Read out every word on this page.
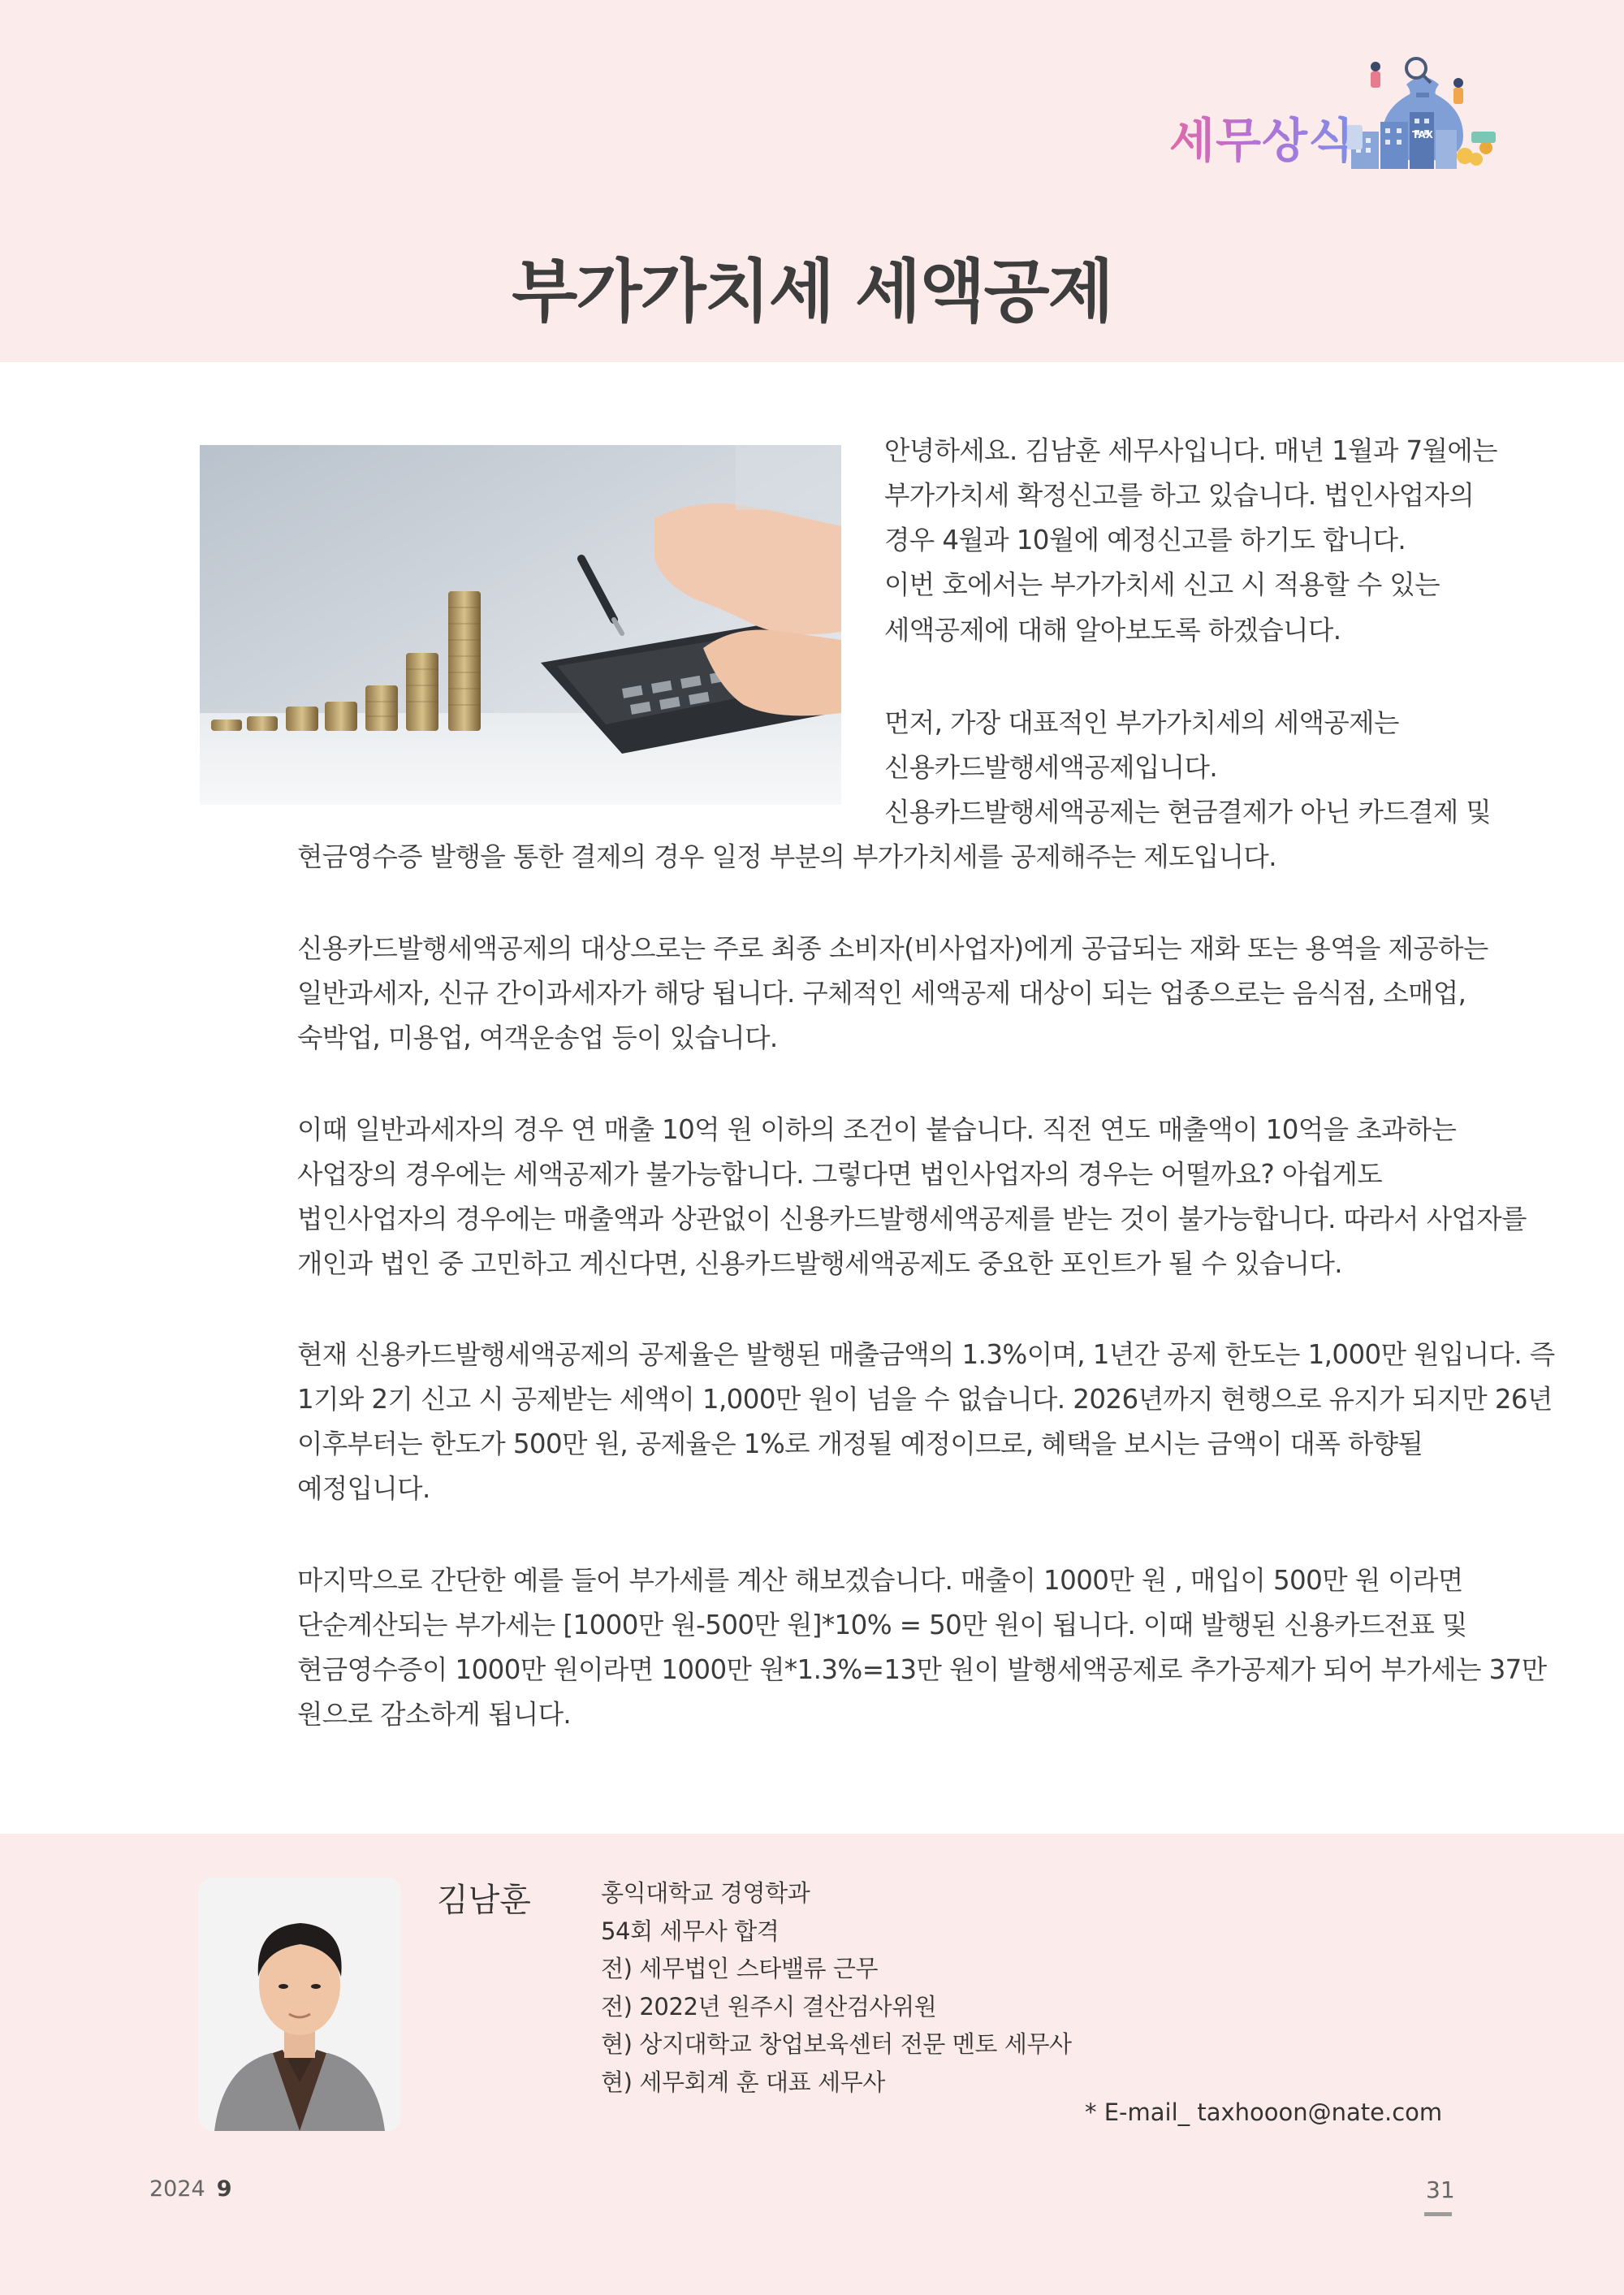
세무상식	TAX
부가가치세 세액공제
안녕하세요. 김남훈 세무사입니다. 매년 1월과 7월에는
부가가치세 확정신고를 하고 있습니다. 법인사업자의
경우 4월과 10월에 예정신고를 하기도 합니다.
이번 호에서는 부가가치세 신고 시 적용할 수 있는
세액공제에 대해 알아보도록 하겠습니다.
먼저, 가장 대표적인 부가가치세의 세액공제는
신용카드발행세액공제입니다.
신용카드발행세액공제는 현금결제가 아닌 카드결제 및
현금영수증 발행을 통한 결제의 경우 일정 부분의 부가가치세를 공제해주는 제도입니다.
신용카드발행세액공제의 대상으로는 주로 최종 소비자(비사업자)에게 공급되는 재화 또는 용역을 제공하는
일반과세자, 신규 간이과세자가 해당 됩니다. 구체적인 세액공제 대상이 되는 업종으로는 음식점, 소매업,
숙박업, 미용업, 여객운송업 등이 있습니다.
이때 일반과세자의 경우 연 매출 10억 원 이하의 조건이 붙습니다. 직전 연도 매출액이 10억을 초과하는
사업장의 경우에는 세액공제가 불가능합니다. 그렇다면 법인사업자의 경우는 어떨까요? 아쉽게도
법인사업자의 경우에는 매출액과 상관없이 신용카드발행세액공제를 받는 것이 불가능합니다. 따라서 사업자를
개인과 법인 중 고민하고 계신다면, 신용카드발행세액공제도 중요한 포인트가 될 수 있습니다.
현재 신용카드발행세액공제의 공제율은 발행된 매출금액의 1.3%이며, 1년간 공제 한도는 1,000만 원입니다. 즉
1기와 2기 신고 시 공제받는 세액이 1,000만 원이 넘을 수 없습니다. 2026년까지 현행으로 유지가 되지만 26년
이후부터는 한도가 500만 원, 공제율은 1%로 개정될 예정이므로, 혜택을 보시는 금액이 대폭 하향될
예정입니다.
마지막으로 간단한 예를 들어 부가세를 계산 해보겠습니다. 매출이 1000만 원 , 매입이 500만 원 이라면
단순계산되는 부가세는 [1000만 원-500만 원]*10% = 50만 원이 됩니다. 이때 발행된 신용카드전표 및
현금영수증이 1000만 원이라면 1000만 원*1.3%=13만 원이 발행세액공제로 추가공제가 되어 부가세는 37만
원으로 감소하게 됩니다.
김남훈	홍익대학교 경영학과
54회 세무사 합격
전) 세무법인 스타밸류 근무
전) 2022년 원주시 결산검사위원
현) 상지대학교 창업보육센터 전문 멘토 세무사
현) 세무회계 훈 대표 세무사
* E-mail_ taxhooon@nate.com
2024 9	31
